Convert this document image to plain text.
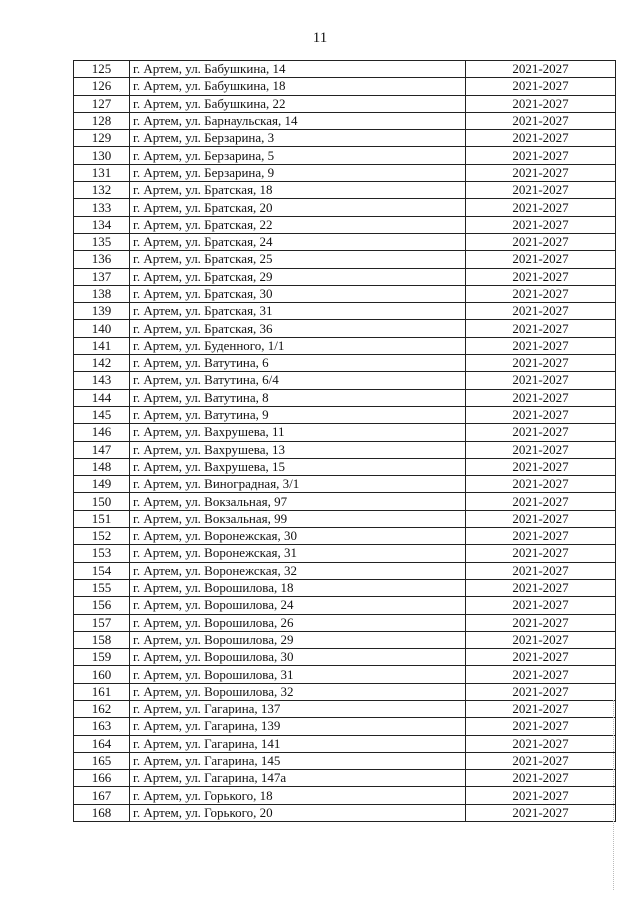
11
125	г. Артем, ул. Бабушкина, 14	2021-2027
126	г. Артем, ул. Бабушкина, 18	2021-2027
127	г. Артем, ул. Бабушкина, 22	2021-2027
128	г. Артем, ул. Барнаульская, 14	2021-2027
129	г. Артем, ул. Берзарина, 3	2021-2027
130	г. Артем, ул. Берзарина, 5	2021-2027
131	г. Артем, ул. Берзарина, 9	2021-2027
132	г. Артем, ул. Братская, 18	2021-2027
133	г. Артем, ул. Братская, 20	2021-2027
134	г. Артем, ул. Братская, 22	2021-2027
135	г. Артем, ул. Братская, 24	2021-2027
136	г. Артем, ул. Братская, 25	2021-2027
137	г. Артем, ул. Братская, 29	2021-2027
138	г. Артем, ул. Братская, 30	2021-2027
139	г. Артем, ул. Братская, 31	2021-2027
140	г. Артем, ул. Братская, 36	2021-2027
141	г. Артем, ул. Буденного, 1/1	2021-2027
142	г. Артем, ул. Ватутина, 6	2021-2027
143	г. Артем, ул. Ватутина, 6/4	2021-2027
144	г. Артем, ул. Ватутина, 8	2021-2027
145	г. Артем, ул. Ватутина, 9	2021-2027
146	г. Артем, ул. Вахрушева, 11	2021-2027
147	г. Артем, ул. Вахрушева, 13	2021-2027
148	г. Артем, ул. Вахрушева, 15	2021-2027
149	г. Артем, ул. Виноградная, 3/1	2021-2027
150	г. Артем, ул. Вокзальная, 97	2021-2027
151	г. Артем, ул. Вокзальная, 99	2021-2027
152	г. Артем, ул. Воронежская, 30	2021-2027
153	г. Артем, ул. Воронежская, 31	2021-2027
154	г. Артем, ул. Воронежская, 32	2021-2027
155	г. Артем, ул. Ворошилова, 18	2021-2027
156	г. Артем, ул. Ворошилова, 24	2021-2027
157	г. Артем, ул. Ворошилова, 26	2021-2027
158	г. Артем, ул. Ворошилова, 29	2021-2027
159	г. Артем, ул. Ворошилова, 30	2021-2027
160	г. Артем, ул. Ворошилова, 31	2021-2027
161	г. Артем, ул. Ворошилова, 32	2021-2027
162	г. Артем, ул. Гагарина, 137	2021-2027
163	г. Артем, ул. Гагарина, 139	2021-2027
164	г. Артем, ул. Гагарина, 141	2021-2027
165	г. Артем, ул. Гагарина, 145	2021-2027
166	г. Артем, ул. Гагарина, 147а	2021-2027
167	г. Артем, ул. Горького, 18	2021-2027
168	г. Артем, ул. Горького, 20	2021-2027
